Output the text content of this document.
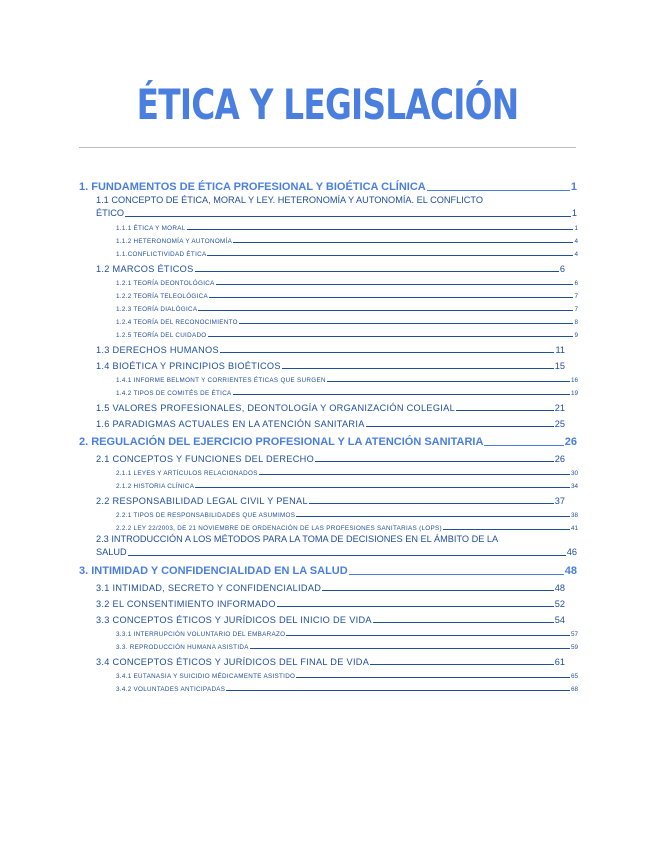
ÉTICA Y LEGISLACIÓN
1. FUNDAMENTOS DE ÉTICA PROFESIONAL Y BIOÉTICA CLÍNICA	1
1.1 CONCEPTO DE ÉTICA, MORAL Y LEY. HETERONOMÍA Y AUTONOMÍA. EL CONFLICTO
ÉTICO	1
1.1.1 ÉTICA Y MORAL	1
1.1.2 HETERONOMÍA Y AUTONOMÍA	4
1.1.CONFLICTIVIDAD ÉTICA	4
1.2 MARCOS ÉTICOS	6
1.2.1 TEORÍA DEONTOLÓGICA	6
1.2.2 TEORÍA TELEOLÓGICA	7
1.2.3 TEORÍA DIALÓGICA	7
1.2.4 TEORÍA DEL RECONOCIMIENTO	8
1.2.5 TEORÍA DEL CUIDADO	9
1.3 DERECHOS HUMANOS	11
1.4 BIOÉTICA Y PRINCIPIOS BIOÉTICOS	15
1.4.1 INFORME BELMONT Y CORRIENTES ÉTICAS QUE SURGEN	16
1.4.2 TIPOS DE COMITÉS DE ÉTICA	19
1.5 VALORES PROFESIONALES, DEONTOLOGÍA Y ORGANIZACIÓN COLEGIAL	21
1.6 PARADIGMAS ACTUALES EN LA ATENCIÓN SANITARIA	25
2. REGULACIÓN DEL EJERCICIO PROFESIONAL Y LA ATENCIÓN SANITARIA	26
2.1 CONCEPTOS Y FUNCIONES DEL DERECHO	26
2.1.1 LEYES Y ARTÍCULOS RELACIONADOS	30
2.1.2 HISTORIA CLÍNICA	34
2.2 RESPONSABILIDAD LEGAL CIVIL Y PENAL	37
2.2.1 TIPOS DE RESPONSABILIDADES QUE ASUMIMOS	38
2.2.2 LEY 22/2003, DE 21 NOVIEMBRE DE ORDENACIÓN DE LAS PROFESIONES SANITARIAS (LOPS)	41
2.3 INTRODUCCIÓN A LOS MÉTODOS PARA LA TOMA DE DECISIONES EN EL ÁMBITO DE LA
SALUD	46
3. INTIMIDAD Y CONFIDENCIALIDAD EN LA SALUD	48
3.1 INTIMIDAD, SECRETO Y CONFIDENCIALIDAD	48
3.2 EL CONSENTIMIENTO INFORMADO	52
3.3 CONCEPTOS ÉTICOS Y JURÍDICOS DEL INICIO DE VIDA	54
3.3.1 INTERRUPCIÓN VOLUNTARIO DEL EMBARAZO	57
3.3. REPRODUCCIÓN HUMANA ASISTIDA	59
3.4 CONCEPTOS ÉTICOS Y JURÍDICOS DEL FINAL DE VIDA	61
3.4.1 EUTANASIA Y SUICIDIO MÉDICAMENTE ASISTIDO	65
3.4.2 VOLUNTADES ANTICIPADAS	68
